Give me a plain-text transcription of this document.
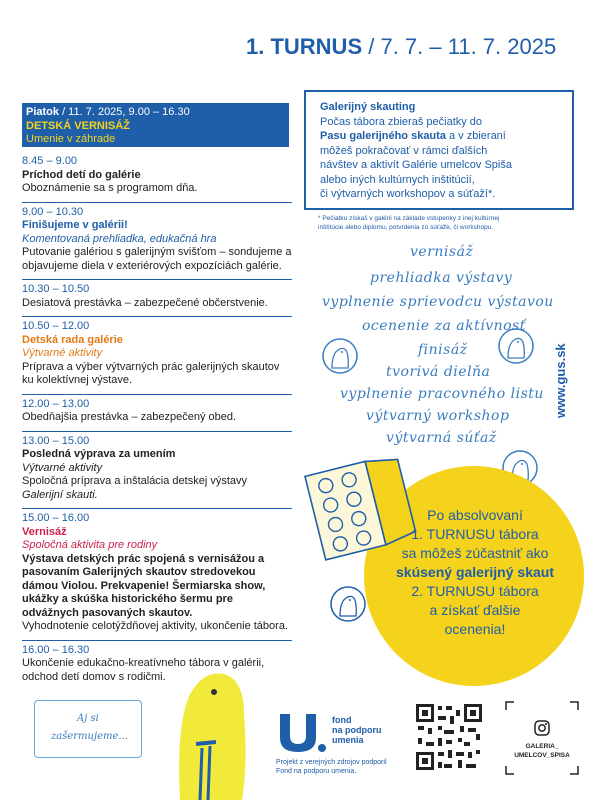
1. TURNUS / 7. 7. – 11. 7. 2025
Piatok / 11. 7. 2025, 9.00 – 16.30
DETSKÁ VERNISÁŽ
Umenie v záhrade
8.45 – 9.00
Príchod detí do galérie
Oboznámenie sa s programom dňa.
9.00 – 10.30
Finišujeme v galérii!
Komentovaná prehliadka, edukačná hra
Putovanie galériou s galerijným svišťom – sondujeme a objavujeme diela v exteriérových expozíciách galérie.
10.30 – 10.50
Desiatová prestávka – zabezpečené občerstvenie.
10.50 – 12.00
Detská rada galérie
Výtvarné aktivity
Príprava a výber výtvarných prác galerijných skautov ku kolektívnej výstave.
12.00 – 13.00
Obedňajšia prestávka – zabezpečený obed.
13.00 – 15.00
Posledná výprava za umením
Výtvarné aktivity
Spoločná príprava a inštalácia detskej výstavy
Galerijní skauti.
15.00 – 16.00
Vernisáž
Spoločná aktivita pre rodiny
Výstava detských prác spojená s vernisážou a pasovaním Galerijných skautov stredovekou dámou Violou. Prekvapenie! Šermiarska show, ukážky a skúška historického šermu pre odvážnych pasovaných skautov.
Vyhodnotenie celotýždňovej aktivity, ukončenie tábora.
16.00 – 16.30
Ukončenie edukačno-kreatívneho tábora v galérii, odchod detí domov s rodičmi.
Galerijný skauting
Počas tábora zbieraš pečiatky do
Pasu galerijného skauta a v zbieraní
môžeš pokračovať v rámci ďalších
návštev a aktivít Galérie umelcov Spiša
alebo iných kultúrnych inštitúcií,
či výtvarných workshopov a súťaží*.
* Pečiatku získaš v galérii na základe vstupenky z inej kultúrnej
inštitúcie alebo diplomu, potvrdenia zo súťaže, či workshopu.
vernisáž
prehliadka výstavy
vyplnenie sprievodcu výstavou
ocenenie za aktívnosť
finisáž
tvorivá dielňa
vyplnenie pracovného listu
výtvarný workshop
výtvarná súťaž
Po absolvovaní
1. TURNUSU tábora
sa môžeš zúčastniť ako
skúsený galerijný skaut
2. TURNUSU tábora
a získať ďalšie
ocenenia!
www.gus.sk
Aj si
zašermujeme...
fond
na podporu
umenia
Projekt z verejných zdrojov podporil
Fond na podporu umenia.
GALERIA_
UMELCOV_SPISA
